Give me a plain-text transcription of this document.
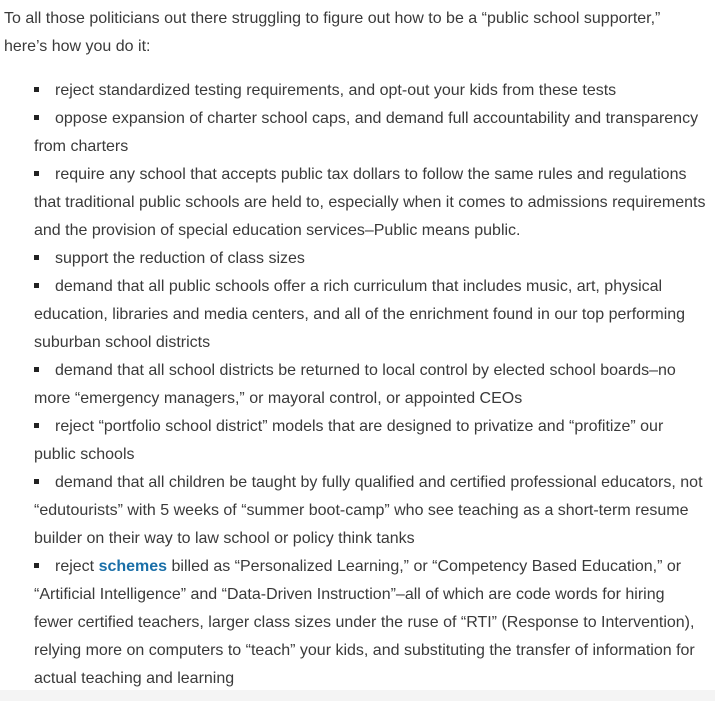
To all those politicians out there struggling to figure out how to be a “public school supporter,” here’s how you do it:

reject standardized testing requirements, and opt-out your kids from these tests
oppose expansion of charter school caps, and demand full accountability and transparency from charters
require any school that accepts public tax dollars to follow the same rules and regulations that traditional public schools are held to, especially when it comes to admissions requirements and the provision of special education services–Public means public.
support the reduction of class sizes
demand that all public schools offer a rich curriculum that includes music, art, physical education, libraries and media centers, and all of the enrichment found in our top performing suburban school districts
demand that all school districts be returned to local control by elected school boards–no more “emergency managers,” or mayoral control, or appointed CEOs
reject “portfolio school district” models that are designed to privatize and “profitize” our public schools
demand that all children be taught by fully qualified and certified professional educators, not “edutourists” with 5 weeks of “summer boot-camp” who see teaching as a short-term resume builder on their way to law school or policy think tanks
reject schemes billed as “Personalized Learning,” or “Competency Based Education,” or “Artificial Intelligence” and “Data-Driven Instruction”–all of which are code words for hiring fewer certified teachers, larger class sizes under the ruse of “RTI” (Response to Intervention), relying more on computers to “teach” your kids, and substituting the transfer of information for actual teaching and learning
